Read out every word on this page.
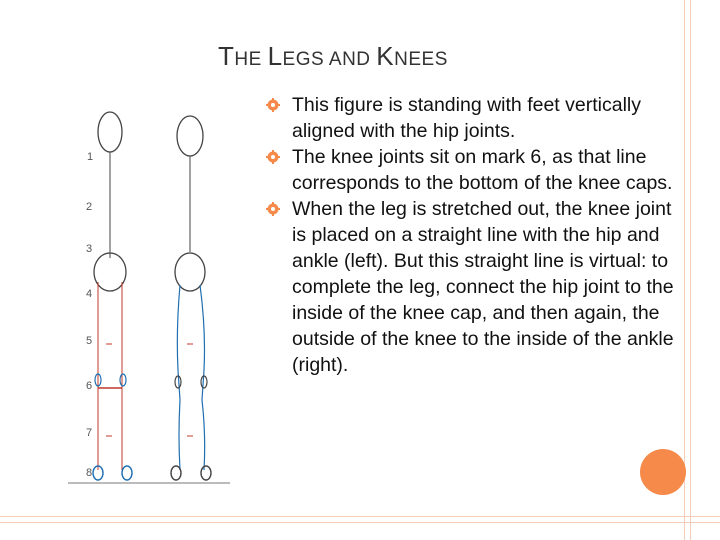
THE LEGS AND KNEES
1
2
3
4
5
6
7
8
This figure is standing with feet vertically aligned with the hip joints.
The knee joints sit on mark 6, as that line corresponds to the bottom of the knee caps.
When the leg is stretched out, the knee joint is placed on a straight line with the hip and ankle (left). But this straight line is virtual: to complete the leg, connect the hip joint to the inside of the knee cap, and then again, the outside of the knee to the inside of the ankle (right).
